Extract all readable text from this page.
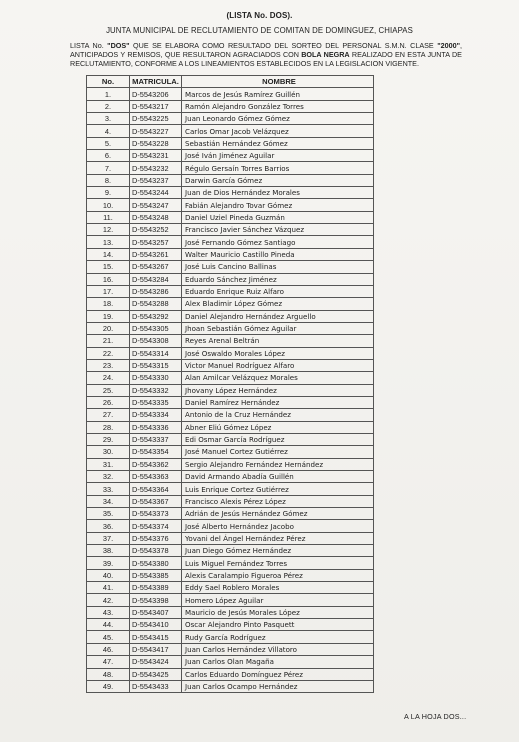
(LISTA No. DOS).
JUNTA MUNICIPAL DE RECLUTAMIENTO DE COMITAN DE DOMINGUEZ, CHIAPAS
LISTA No. "DOS" QUE SE ELABORA COMO RESULTADO DEL SORTEO DEL PERSONAL S.M.N. CLASE "2000", ANTICIPADOS Y REMISOS, QUE RESULTARON AGRACIADOS CON BOLA NEGRA REALIZADO EN ESTA JUNTA DE RECLUTAMIENTO, CONFORME A LOS LINEAMIENTOS ESTABLECIDOS EN LA LEGISLACION VIGENTE.
No.	MATRICULA.	NOMBRE
1.	D-5543206	Marcos de Jesús Ramírez Guillén
2.	D-5543217	Ramón Alejandro González Torres
3.	D-5543225	Juan Leonardo Gómez Gómez
4.	D-5543227	Carlos Omar Jacob Velázquez
5.	D-5543228	Sebastián Hernández Gómez
6.	D-5543231	José Iván Jiménez Aguilar
7.	D-5543232	Régulo Gersaín Torres Barrios
8.	D-5543237	Darwin García Gómez
9.	D-5543244	Juan de Dios Hernández Morales
10.	D-5543247	Fabián Alejandro Tovar Gómez
11.	D-5543248	Daniel Uziel Pineda Guzmán
12.	D-5543252	Francisco Javier Sánchez Vázquez
13.	D-5543257	José Fernando Gómez Santiago
14.	D-5543261	Walter Mauricio Castillo Pineda
15.	D-5543267	José Luis Cancino Ballinas
16.	D-5543284	Eduardo Sánchez Jiménez
17.	D-5543286	Eduardo Enrique Ruiz Alfaro
18.	D-5543288	Alex Bladimir López Gómez
19.	D-5543292	Daniel Alejandro Hernández Arguello
20.	D-5543305	Jhoan Sebastián Gómez Aguilar
21.	D-5543308	Reyes Arenal Beltrán
22.	D-5543314	José Oswaldo Morales López
23.	D-5543315	Victor Manuel Rodríguez Alfaro
24.	D-5543330	Alan Amilcar Velázquez Morales
25.	D-5543332	Jhovany López Hernández
26.	D-5543335	Daniel Ramírez Hernández
27.	D-5543334	Antonio de la Cruz Hernández
28.	D-5543336	Abner Eliú Gómez López
29.	D-5543337	Edi Osmar García Rodríguez
30.	D-5543354	José Manuel Cortez Gutiérrez
31.	D-5543362	Sergio Alejandro Fernández Hernández
32.	D-5543363	David Armando Abadía Guillén
33.	D-5543364	Luis Enrique Cortez Gutiérrez
34.	D-5543367	Francisco Alexis Pérez López
35.	D-5543373	Adrián de Jesús Hernández Gómez
36.	D-5543374	José Alberto Hernández Jacobo
37.	D-5543376	Yovani del Ángel Hernández Pérez
38.	D-5543378	Juan Diego Gómez Hernández
39.	D-5543380	Luis Miguel Fernández Torres
40.	D-5543385	Alexis Caralampio Figueroa Pérez
41.	D-5543389	Eddy Sael Roblero Morales
42.	D-5543398	Homero López Aguilar
43.	D-5543407	Mauricio de Jesús Morales López
44.	D-5543410	Oscar Alejandro Pinto Pasquett
45.	D-5543415	Rudy García Rodríguez
46.	D-5543417	Juan Carlos Hernández Villatoro
47.	D-5543424	Juan Carlos Olan Magaña
48.	D-5543425	Carlos Eduardo Domínguez Pérez
49.	D-5543433	Juan Carlos Ocampo Hernández
A LA HOJA DOS...
